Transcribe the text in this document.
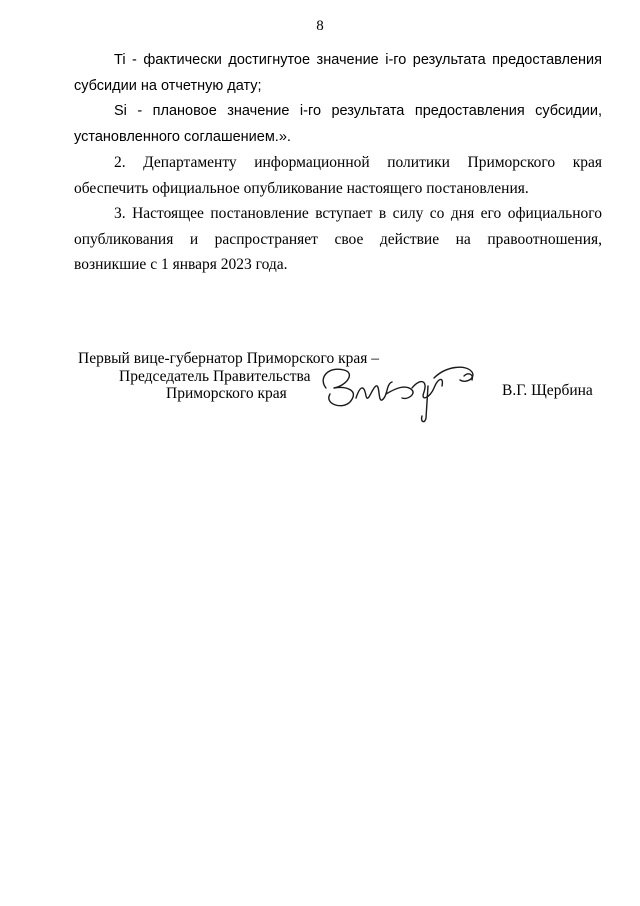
8

Ti - фактически достигнутое значение i-го результата предоставления субсидии на отчетную дату;

Si - плановое значение i-го результата предоставления субсидии, установленного соглашением.».

2. Департаменту информационной политики Приморского края обеспечить официальное опубликование настоящего постановления.

3. Настоящее постановление вступает в силу со дня его официального опубликования и распространяет свое действие на правоотношения, возникшие с 1 января 2023 года.

Первый вице-губернатор Приморского края –
Председатель Правительства
Приморского края	В.Г. Щербина
